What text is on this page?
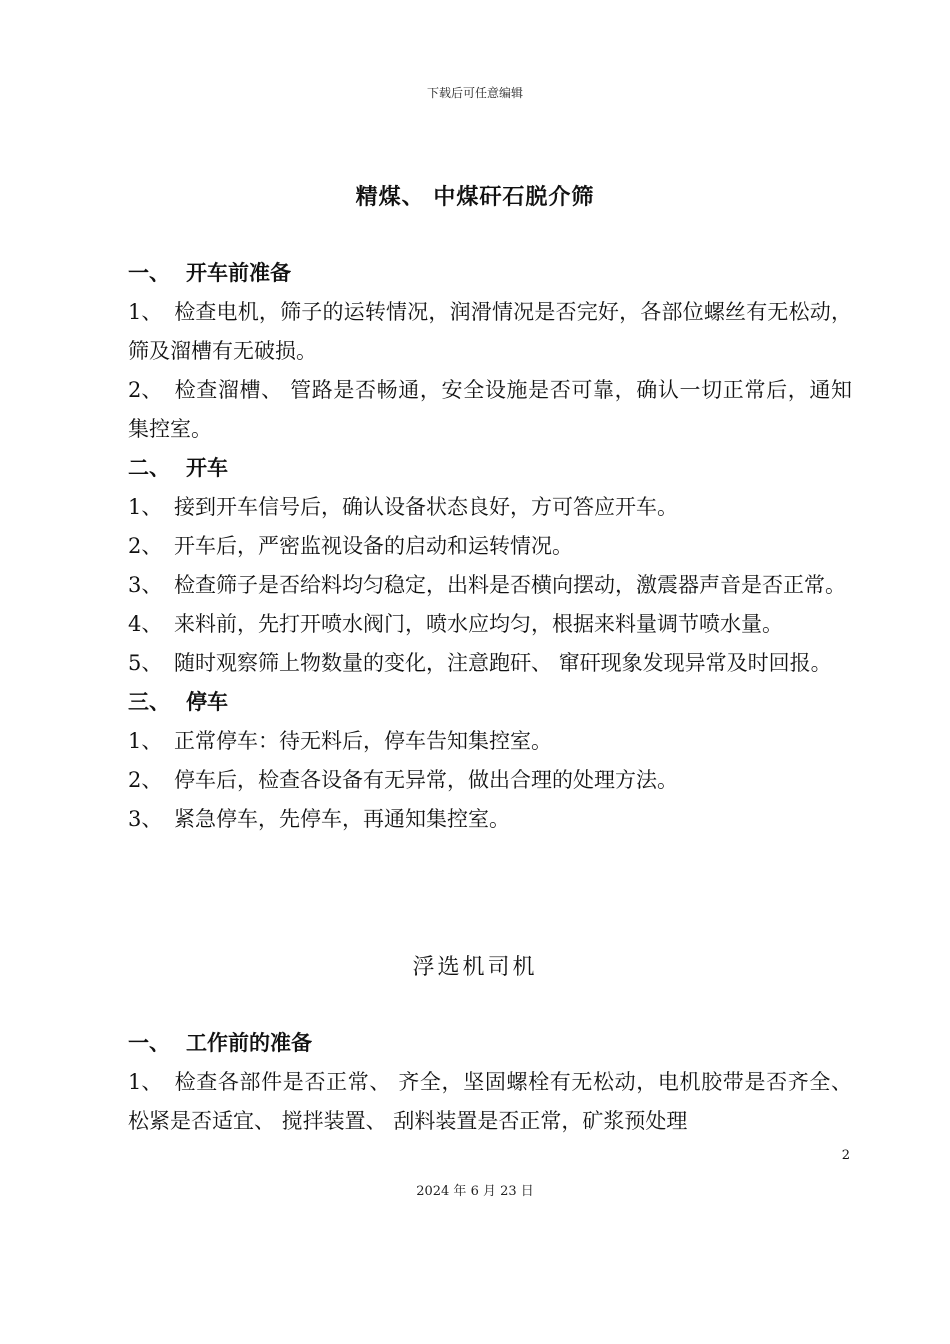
下载后可任意编辑
精煤、 中煤矸石脱介筛
一、 开车前准备
1、 检查电机，筛子的运转情况，润滑情况是否完好，各部位螺丝有无松动，筛及溜槽有无破损。
2、 检查溜槽、 管路是否畅通，安全设施是否可靠，确认一切正常后，通知集控室。
二、 开车
1、 接到开车信号后，确认设备状态良好，方可答应开车。
2、 开车后，严密监视设备的启动和运转情况。
3、 检查筛子是否给料均匀稳定，出料是否横向摆动，激震器声音是否正常。
4、 来料前，先打开喷水阀门，喷水应均匀，根据来料量调节喷水量。
5、 随时观察筛上物数量的变化，注意跑矸、 窜矸现象发现异常及时回报。
三、 停车
1、 正常停车：待无料后，停车告知集控室。
2、 停车后，检查各设备有无异常，做出合理的处理方法。
3、 紧急停车，先停车，再通知集控室。
浮选机司机
一、 工作前的准备
1、 检查各部件是否正常、 齐全，坚固螺栓有无松动，电机胶带是否齐全、 松紧是否适宜、 搅拌装置、 刮料装置是否正常，矿浆预处理
2
2024 年 6 月 23 日
